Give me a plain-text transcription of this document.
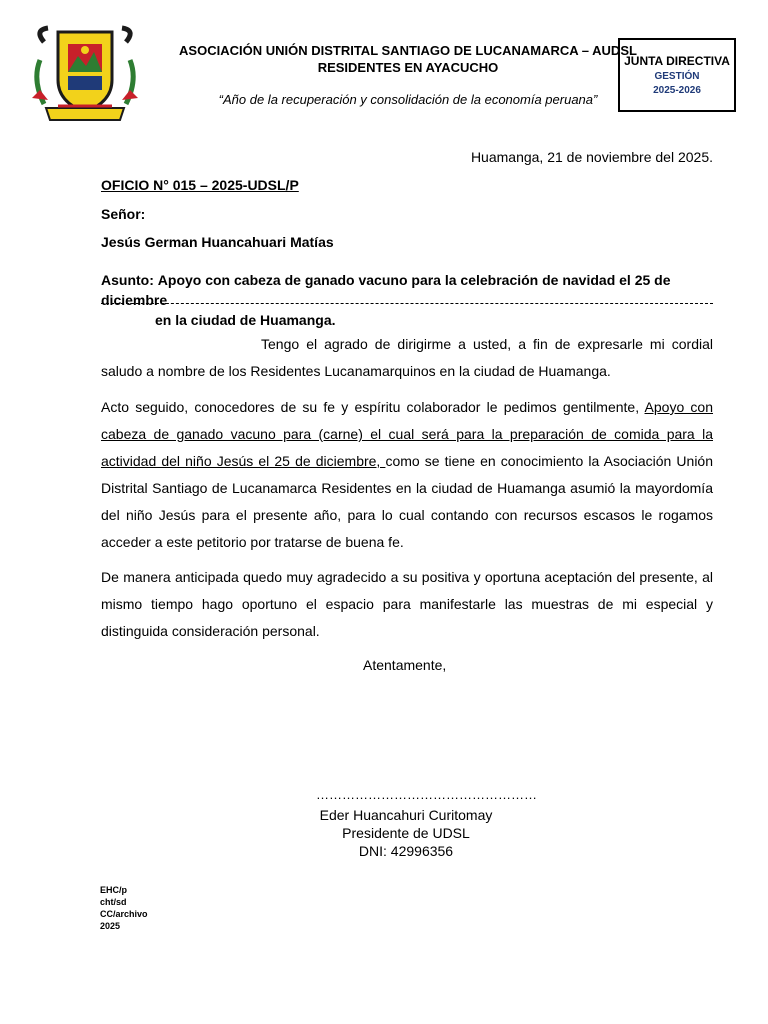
ASOCIACIÓN UNIÓN DISTRITAL SANTIAGO DE LUCANAMARCA – AUDSL
RESIDENTES EN AYACUCHO
“Año de la recuperación y consolidación de la economía peruana”
JUNTA DIRECTIVA
GESTIÓN
2025-2026
Huamanga, 21 de noviembre del 2025.
OFICIO N° 015 – 2025-UDSL/P
Señor:
Jesús German Huancahuari Matías
Asunto: Apoyo con cabeza de ganado vacuno para la celebración de navidad el 25 de diciembre
en la ciudad de Huamanga.
Tengo el agrado de dirigirme a usted, a fin de expresarle mi cordial saludo a nombre de los Residentes Lucanamarquinos en la ciudad de Huamanga.
Acto seguido, conocedores de su fe y espíritu colaborador le pedimos gentilmente, Apoyo con cabeza de ganado vacuno para (carne) el cual será para la preparación de comida para la actividad del niño Jesús el 25 de diciembre, como se tiene en conocimiento la Asociación Unión Distrital Santiago de Lucanamarca Residentes en la ciudad de Huamanga asumió la mayordomía del niño Jesús para el presente año, para lo cual contando con recursos escasos le rogamos acceder a este petitorio por tratarse de buena fe.
De manera anticipada quedo muy agradecido a su positiva y oportuna aceptación del presente, al mismo tiempo hago oportuno el espacio para manifestarle las muestras de mi especial y distinguida consideración personal.
Atentamente,
……………………………………………
Eder Huancahuri Curitomay
Presidente de UDSL
DNI: 42996356
EHC/p
cht/sd
CC/archivo
2025
